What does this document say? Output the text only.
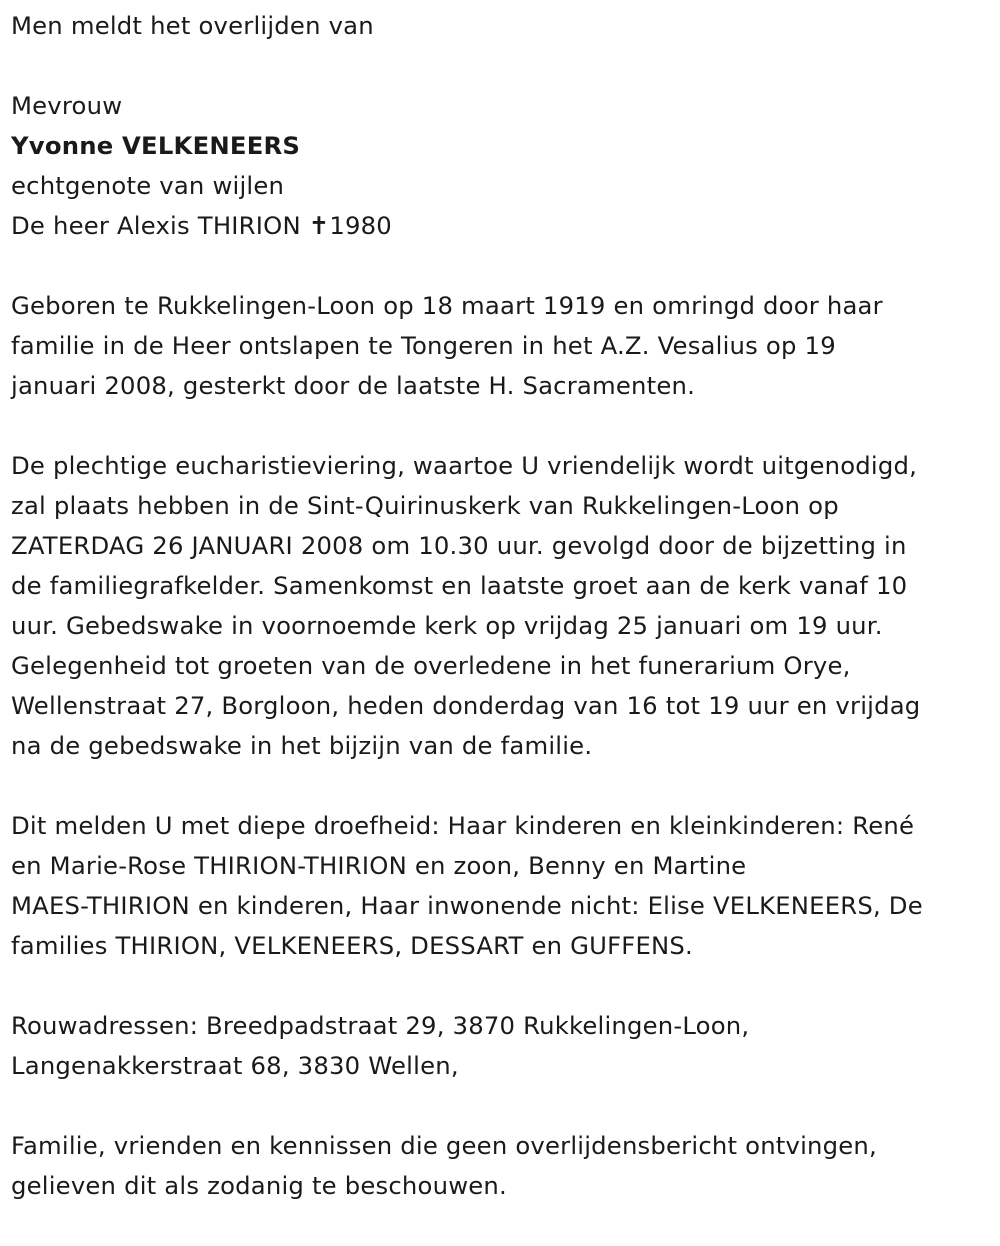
Men meldt het overlijden van
Mevrouw
Yvonne VELKENEERS
echtgenote van wijlen
De heer Alexis THIRION ✝1980
Geboren te Rukkelingen-Loon op 18 maart 1919 en omringd door haar
familie in de Heer ontslapen te Tongeren in het A.Z. Vesalius op 19
januari 2008, gesterkt door de laatste H. Sacramenten.
De plechtige eucharistieviering, waartoe U vriendelijk wordt uitgenodigd,
zal plaats hebben in de Sint-Quirinuskerk van Rukkelingen-Loon op
ZATERDAG 26 JANUARI 2008 om 10.30 uur. gevolgd door de bijzetting in
de familiegrafkelder. Samenkomst en laatste groet aan de kerk vanaf 10
uur. Gebedswake in voornoemde kerk op vrijdag 25 januari om 19 uur.
Gelegenheid tot groeten van de overledene in het funerarium Orye,
Wellenstraat 27, Borgloon, heden donderdag van 16 tot 19 uur en vrijdag
na de gebedswake in het bijzijn van de familie.
Dit melden U met diepe droefheid: Haar kinderen en kleinkinderen: René
en Marie-Rose THIRION-THIRION en zoon, Benny en Martine
MAES-THIRION en kinderen, Haar inwonende nicht: Elise VELKENEERS, De
families THIRION, VELKENEERS, DESSART en GUFFENS.
Rouwadressen: Breedpadstraat 29, 3870 Rukkelingen-Loon,
Langenakkerstraat 68, 3830 Wellen,
Familie, vrienden en kennissen die geen overlijdensbericht ontvingen,
gelieven dit als zodanig te beschouwen.
